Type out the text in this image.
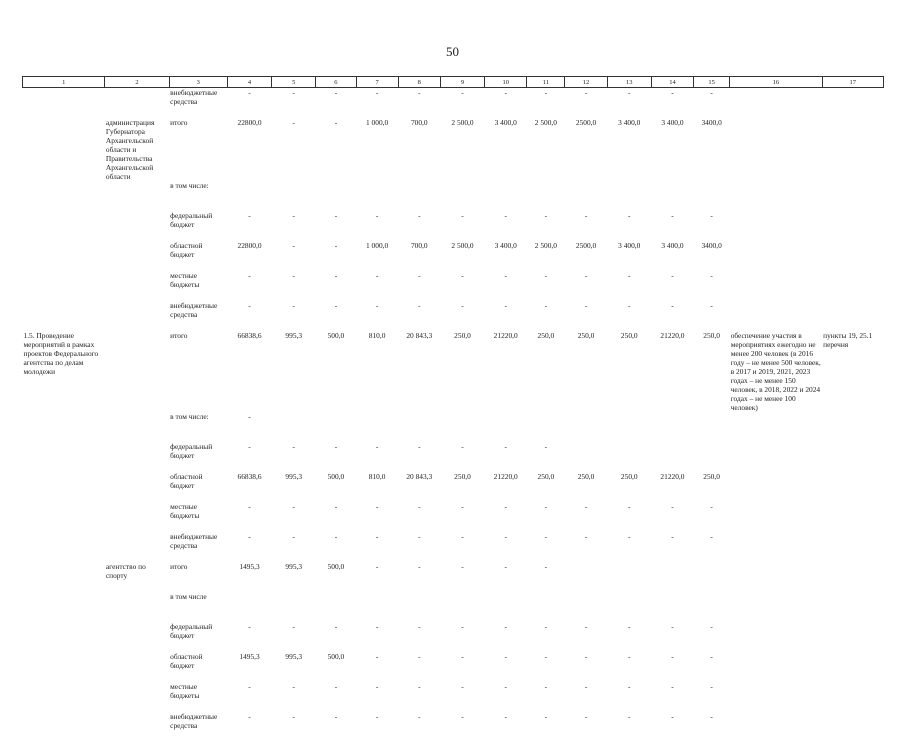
50
1	2	3	4	5	6	7	8	9	10	11	12	13	14	15	16	17

		внебюджетные средства	-	-	-	-	-	-	-	-	-	-	-	-		

	администрация Губернатора Архангельской области и Правительства Архангельской области	итого	22800,0	-	-	1 000,0	700,0	2 500,0	3 400,0	2 500,0	2500,0	3 400,0	3 400,0	3400,0		

		в том числе:														

		федеральный бюджет	-	-	-	-	-	-	-	-	-	-	-	-		

		областной бюджет	22800,0	-	-	1 000,0	700,0	2 500,0	3 400,0	2 500,0	2500,0	3 400,0	3 400,0	3400,0		

		местные бюджеты	-	-	-	-	-	-	-	-	-	-	-	-		

		внебюджетные средства	-	-	-	-	-	-	-	-	-	-	-	-		

1.5. Проведение мероприятий в рамках проектов Федерального агентства по делам молодежи		итого	66838,6	995,3	500,0	810,0	20 843,3	250,0	21220,0	250,0	250,0	250,0	21220,0	250,0	обеспечение участия в мероприятиях ежегодно не менее 200 человек (в 2016 году – не менее 500 человек, в 2017 и 2019, 2021, 2023 годах – не менее 150 человек, в 2018, 2022 и 2024 годах – не менее 100 человек)	пункты 19, 25.1 перечня

		в том числе:	-													

		федеральный бюджет	-	-	-	-	-	-	-	-						

		областной бюджет	66838,6	995,3	500,0	810,0	20 843,3	250,0	21220,0	250,0	250,0	250,0	21220,0	250,0		

		местные бюджеты	-	-	-	-	-	-	-	-	-	-	-	-		

		внебюджетные средства	-	-	-	-	-	-	-	-	-	-	-	-		

	агентство по спорту	итого	1495,3	995,3	500,0	-	-	-	-	-						

		в том числе														

		федеральный бюджет	-	-	-	-	-	-	-	-	-	-	-	-		

		областной бюджет	1495,3	995,3	500,0	-	-	-	-	-	-	-	-	-		

		местные бюджеты	-	-	-	-	-	-	-	-	-	-	-	-		

		внебюджетные средства	-	-	-	-	-	-	-	-	-	-	-	-		
